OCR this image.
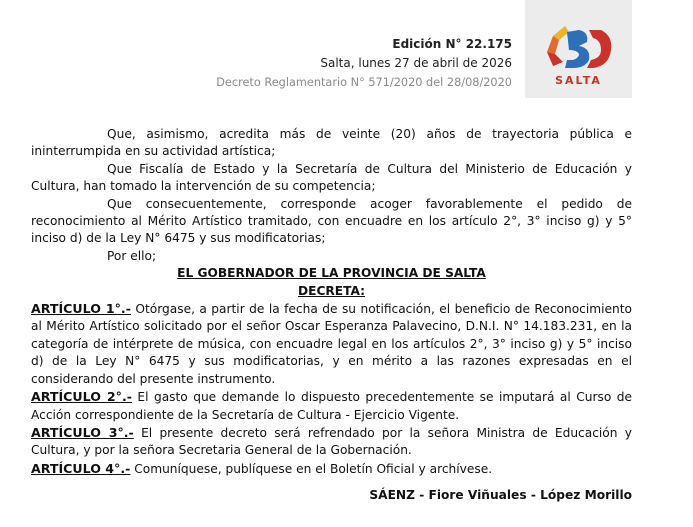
Edición N° 22.175
Salta, lunes 27 de abril de 2026
Decreto Reglamentario N° 571/2020 del 28/08/2020	SALTA

Que, asimismo, acredita más de veinte (20) años de trayectoria pública e ininterrumpida en su actividad artística;

Que Fiscalía de Estado y la Secretaría de Cultura del Ministerio de Educación y Cultura, han tomado la intervención de su competencia;

Que consecuentemente, corresponde acoger favorablemente el pedido de reconocimiento al Mérito Artístico tramitado, con encuadre en los artículo 2°, 3° inciso g) y 5° inciso d) de la Ley N° 6475 y sus modificatorias;

Por ello;

EL GOBERNADOR DE LA PROVINCIA DE SALTA

DECRETA:

ARTÍCULO 1°.- Otórgase, a partir de la fecha de su notificación, el beneficio de Reconocimiento al Mérito Artístico solicitado por el señor Oscar Esperanza Palavecino, D.N.I. N° 14.183.231, en la categoría de intérprete de música, con encuadre legal en los artículos 2°, 3° inciso g) y 5° inciso d) de la Ley N° 6475 y sus modificatorias, y en mérito a las razones expresadas en el considerando del presente instrumento.

ARTÍCULO 2°.- El gasto que demande lo dispuesto precedentemente se imputará al Curso de Acción correspondiente de la Secretaría de Cultura - Ejercicio Vigente.

ARTÍCULO 3°.- El presente decreto será refrendado por la señora Ministra de Educación y Cultura, y por la señora Secretaria General de la Gobernación.

ARTÍCULO 4°.- Comuníquese, publíquese en el Boletín Oficial y archívese.

SÁENZ - Fiore Viñuales - López Morillo
